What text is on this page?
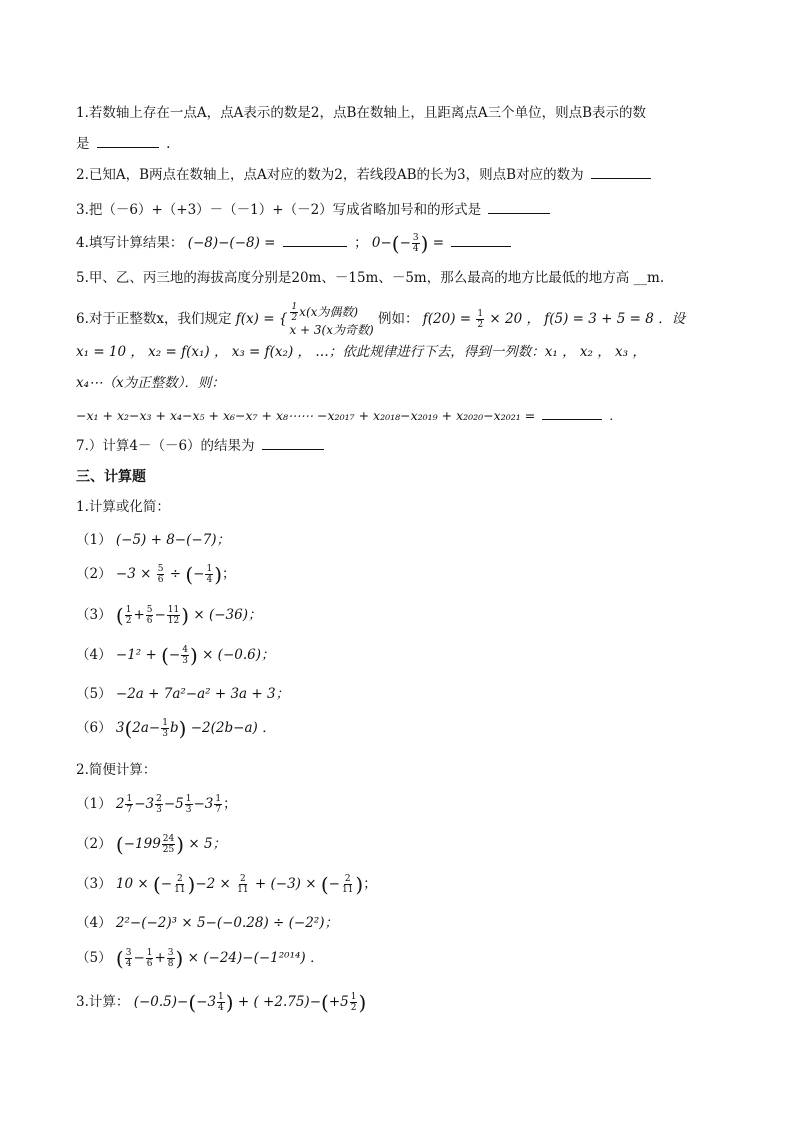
1.若数轴上存在一点A，点A表示的数是2，点B在数轴上，且距离点A三个单位，则点B表示的数
是	.
2.已知A，B两点在数轴上，点A对应的数为2，若线段AB的长为3，则点B对应的数为
3.把（－6）+（+3）－（－1）+（－2）写成省略加号和的形式是
4.填写计算结果： (−8)−(−8) =	； $0-(- \frac{3}{4}$ ) =
5.甲、乙、丙三地的海拔高度分别是20m、－15m、－5m，那么最高的地方比最低的地方高 __m.
6.对于正整数x，我们规定 f(x) = { $\frac{1}{2} x(x$为偶数)
x + 3(x为奇数)
例如： $f(20) = \frac{1}{2} \times 20$ ， f(5) = 3 + 5 = 8 ．设
x₁ = 10 ， x₂ = f(x₁) ， x₃ = f(x₂) ， …；依此规律进行下去，得到一列数：x₁ ， x₂ ， x₃ ，
x₄⋯（x为正整数）．则：
−x₁ + x₂−x₃ + x₄−x₅ + x₆−x₇ + x₈⋯⋯ −x₂₀₁₇ + x₂₀₁₈−x₂₀₁₉ + x₂₀₂₀−x₂₀₂₁ =	.
7.）计算4－（－6）的结果为
三、计算题
1.计算或化简：
（1） (−5) + 8−(−7)；
$(2) -3 \times \frac{5}{6}$ ÷ (− $\frac{1}{4}$ )；
（3） ( $\frac{1}{2} + \frac{5}{6} - \frac{11}{12}$ ) × (−36)；
（4） −1² + (− $\frac{4}{3}$ ) × (−0.6)；
（5） −2a + 7a²−a² + 3a + 3；
（6） $3(2a- \frac{1}{3} b) -2(2b-a)$ ．
2.简便计算：
（1） $2 \frac{1}{7} -3 \frac{2}{3} -5 \frac{1}{3} -3 \frac{1}{7}$ ；
（2） ($-199 \frac{24}{25}$ ) × 5；
（3） 10 × (− $\frac{2}{11} )-2 \times \frac{2}{11} + (-3)$ × (− $\frac{2}{11}$ )；
（4） 2²−(−2)³ × 5−(−0.28) ÷ (−2²)；
（5） ( $\frac{3}{4} - \frac{1}{6} + \frac{3}{8}$ ) × (−24)−(−1²⁰¹⁴) ．
3.计算： $(-0.5)-(-3 \frac{1}{4}$ ) + ( $+2.75)-(+5 \frac{1}{2}$ )
